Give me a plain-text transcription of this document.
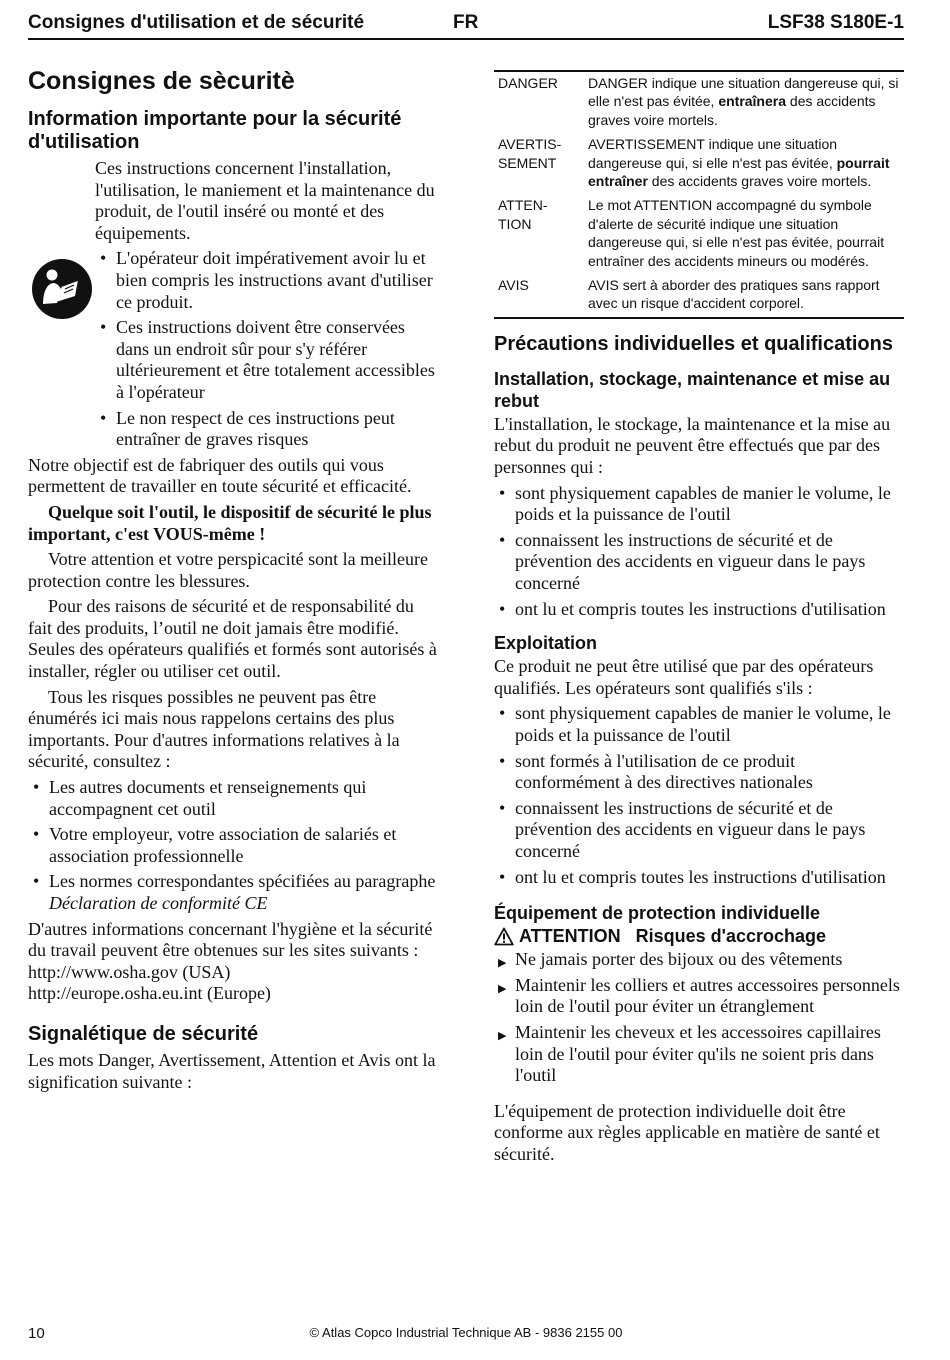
Consignes d'utilisation et de sécurité	FR	LSF38 S180E-1
Consignes de sècuritè
Information importante pour la sécurité d'utilisation

Ces instructions concernent l'installation, l'utilisation, le maniement et la maintenance du produit, de l'outil inséré ou monté et des équipements.

• L'opérateur doit impérativement avoir lu et bien compris les instructions avant d'utiliser ce produit.
• Ces instructions doivent être conservées dans un endroit sûr pour s'y référer ultérieurement et être totalement accessibles à l'opérateur
• Le non respect de ces instructions peut entraîner de graves risques

Notre objectif est de fabriquer des outils qui vous permettent de travailler en toute sécurité et efficacité.

Quelque soit l'outil, le dispositif de sécurité le plus important, c'est VOUS-même !

Votre attention et votre perspicacité sont la meilleure protection contre les blessures.

Pour des raisons de sécurité et de responsabilité du fait des produits, l’outil ne doit jamais être modifié. Seules des opérateurs qualifiés et formés sont autorisés à installer, régler ou utiliser cet outil.

Tous les risques possibles ne peuvent pas être énumérés ici mais nous rappelons certains des plus importants. Pour d'autres informations relatives à la sécurité, consultez :

• Les autres documents et renseignements qui accompagnent cet outil
• Votre employeur, votre association de salariés et association professionnelle
• Les normes correspondantes spécifiées au paragraphe Déclaration de conformité CE

D'autres informations concernant l'hygiène et la sécurité du travail peuvent être obtenues sur les sites suivants :

http://www.osha.gov (USA)

http://europe.osha.eu.int (Europe)

Signalétique de sécurité

Les mots Danger, Avertissement, Attention et Avis ont la signification suivante :

DANGER	DANGER indique une situation dangereuse qui, si elle n'est pas évitée, entraînera des accidents graves voire mortels.
AVERTIS-
SEMENT	AVERTISSEMENT indique une situation dangereuse qui, si elle n'est pas évitée, pourrait entraîner des accidents graves voire mortels.
ATTEN-
TION	Le mot ATTENTION accompagné du symbole d'alerte de sécurité indique une situation dangereuse qui, si elle n'est pas évitée, pourrait entraîner des accidents mineurs ou modérés.
AVIS	AVIS sert à aborder des pratiques sans rapport avec un risque d'accident corporel.
Précautions individuelles et qualifications
Installation, stockage, maintenance et mise au rebut

L'installation, le stockage, la maintenance et la mise au rebut du produit ne peuvent être effectués que par des personnes qui :

• sont physiquement capables de manier le volume, le poids et la puissance de l'outil
• connaissent les instructions de sécurité et de prévention des accidents en vigueur dans le pays concerné
• ont lu et compris toutes les instructions d'utilisation
Exploitation

Ce produit ne peut être utilisé que par des opérateurs qualifiés. Les opérateurs sont qualifiés s'ils :

• sont physiquement capables de manier le volume, le poids et la puissance de l'outil
• sont formés à l'utilisation de ce produit conformément à des directives nationales
• connaissent les instructions de sécurité et de prévention des accidents en vigueur dans le pays concerné
• ont lu et compris toutes les instructions d'utilisation
Équipement de protection individuelle
ATTENTION Risques d'accrochage
▶ Ne jamais porter des bijoux ou des vêtements
▶ Maintenir les colliers et autres accessoires personnels loin de l'outil pour éviter un étranglement
▶ Maintenir les cheveux et les accessoires capillaires loin de l'outil pour éviter qu'ils ne soient pris dans l'outil

L'équipement de protection individuelle doit être conforme aux règles applicable en matière de santé et sécurité.

10	© Atlas Copco Industrial Technique AB - 9836 2155 00
